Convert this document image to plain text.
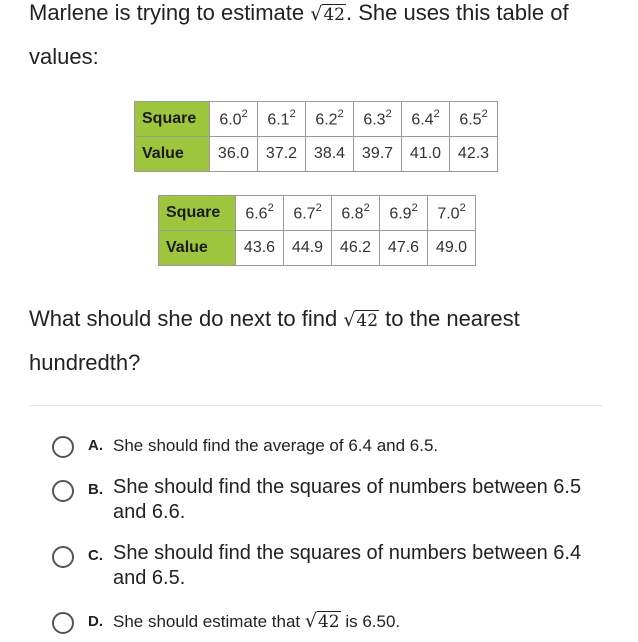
Marlene is trying to estimate √42. She uses this table of values:
Square	$6.0^2$	$6.1^2$	$6.2^2$	$6.3^2$	$6.4^2$	$6.5^2$
Value	36.0	37.2	38.4	39.7	41.0	42.3
Square	$6.6^2$	$6.7^2$	$6.8^2$	$6.9^2$	$7.0^2$
Value	43.6	44.9	46.2	47.6	49.0
What should she do next to find √42 to the nearest hundredth?
A. She should find the average of 6.4 and 6.5.
B. She should find the squares of numbers between 6.5 and 6.6.
C. She should find the squares of numbers between 6.4 and 6.5.
D. She should estimate that √42 is 6.50.
